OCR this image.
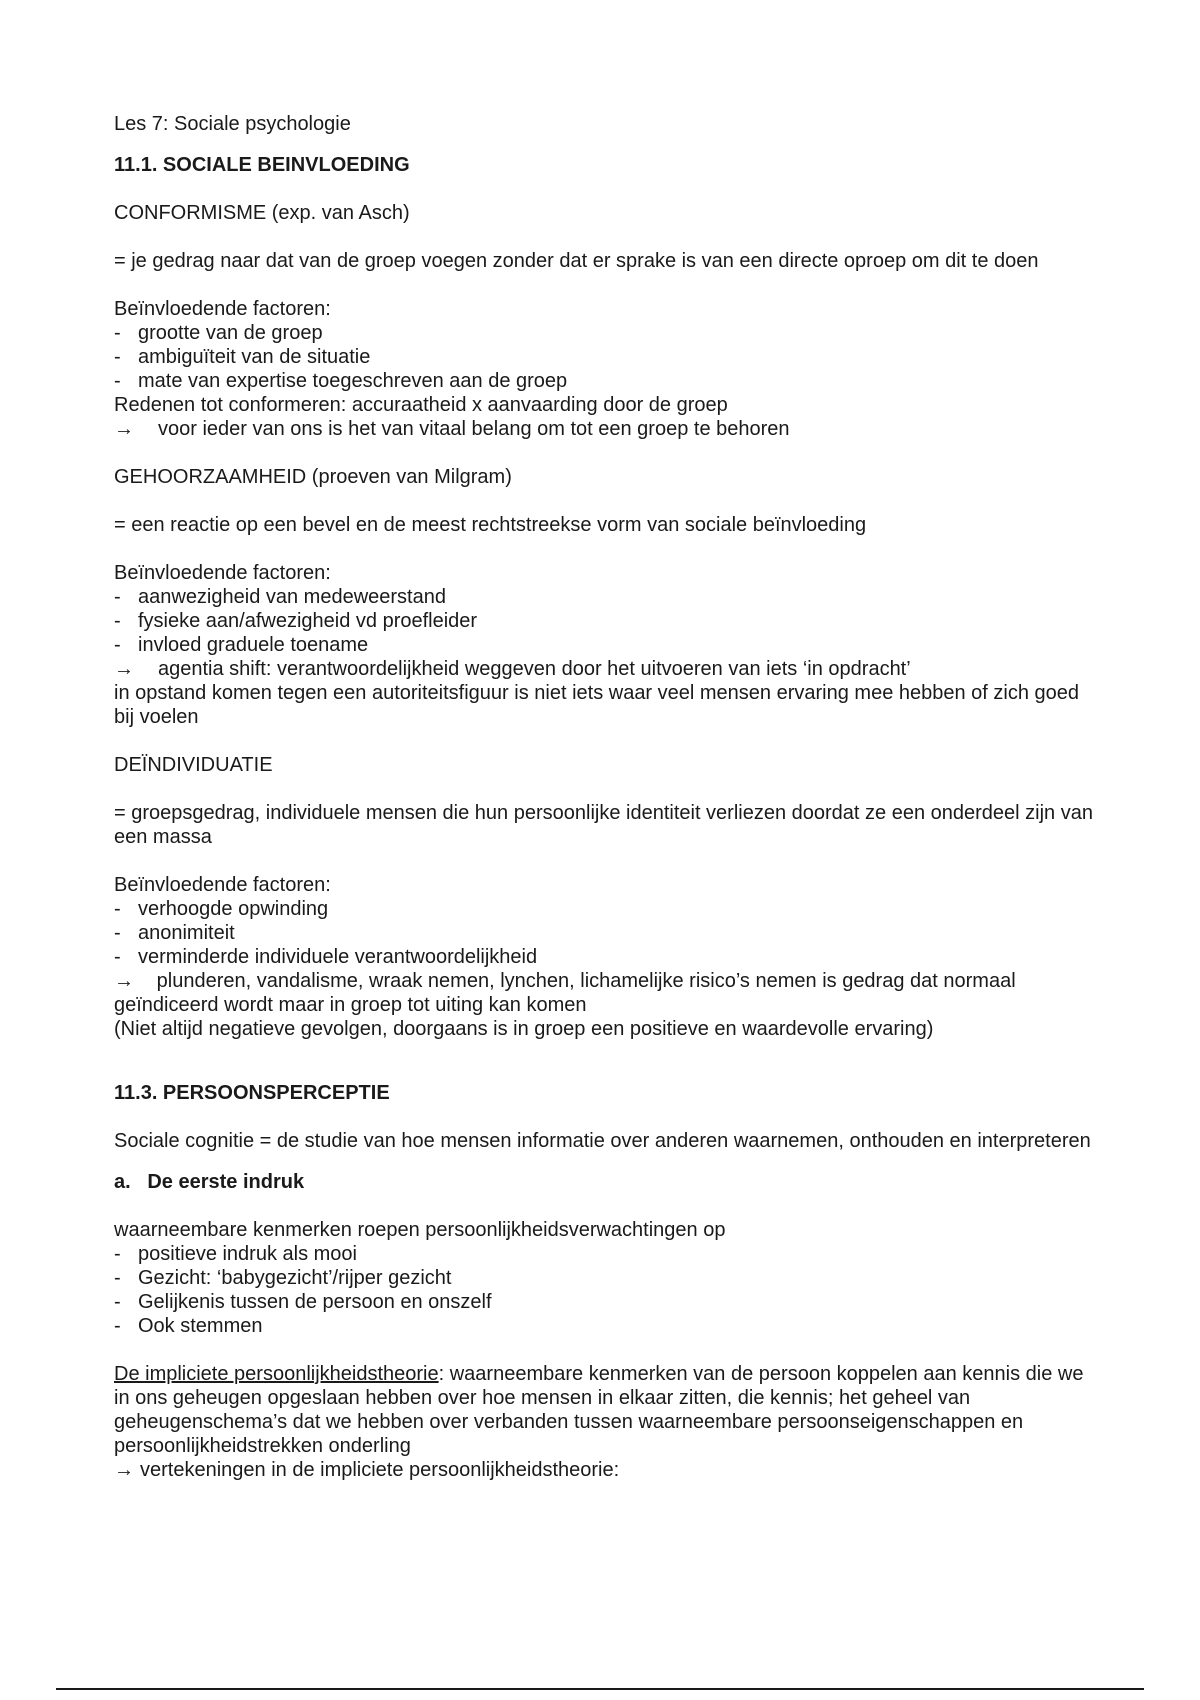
Les 7: Sociale psychologie

11.1. SOCIALE BEINVLOEDING

CONFORMISME (exp. van Asch)

= je gedrag naar dat van de groep voegen zonder dat er sprake is van een directe oproep om dit te doen

Beïnvloedende factoren:

- grootte van de groep
- ambiguïteit van de situatie
- mate van expertise toegeschreven aan de groep

Redenen tot conformeren: accuraatheid x aanvaarding door de groep

→	voor ieder van ons is het van vitaal belang om tot een groep te behoren

GEHOORZAAMHEID (proeven van Milgram)

= een reactie op een bevel en de meest rechtstreekse vorm van sociale beïnvloeding

Beïnvloedende factoren:

- aanwezigheid van medeweerstand
- fysieke aan/afwezigheid vd proefleider
- invloed graduele toename
→	agentia shift: verantwoordelijkheid weggeven door het uitvoeren van iets ‘in opdracht’

in opstand komen tegen een autoriteitsfiguur is niet iets waar veel mensen ervaring mee hebben of zich goed bij voelen

DEÏNDIVIDUATIE

= groepsgedrag, individuele mensen die hun persoonlijke identiteit verliezen doordat ze een onderdeel zijn van een massa

Beïnvloedende factoren:

- verhoogde opwinding
- anonimiteit
- verminderde individuele verantwoordelijkheid

→ plunderen, vandalisme, wraak nemen, lynchen, lichamelijke risico’s nemen is gedrag dat normaal geïndiceerd wordt maar in groep tot uiting kan komen

(Niet altijd negatieve gevolgen, doorgaans is in groep een positieve en waardevolle ervaring)

11.3. PERSOONSPERCEPTIE

Sociale cognitie = de studie van hoe mensen informatie over anderen waarnemen, onthouden en interpreteren

a. De eerste indruk

waarneembare kenmerken roepen persoonlijkheidsverwachtingen op

- positieve indruk als mooi
- Gezicht: ‘babygezicht’/rijper gezicht
- Gelijkenis tussen de persoon en onszelf
- Ook stemmen

De impliciete persoonlijkheidstheorie: waarneembare kenmerken van de persoon koppelen aan kennis die we in ons geheugen opgeslaan hebben over hoe mensen in elkaar zitten, die kennis; het geheel van geheugenschema’s dat we hebben over verbanden tussen waarneembare persoonseigenschappen en persoonlijkheidstrekken onderling

→ vertekeningen in de impliciete persoonlijkheidstheorie:
